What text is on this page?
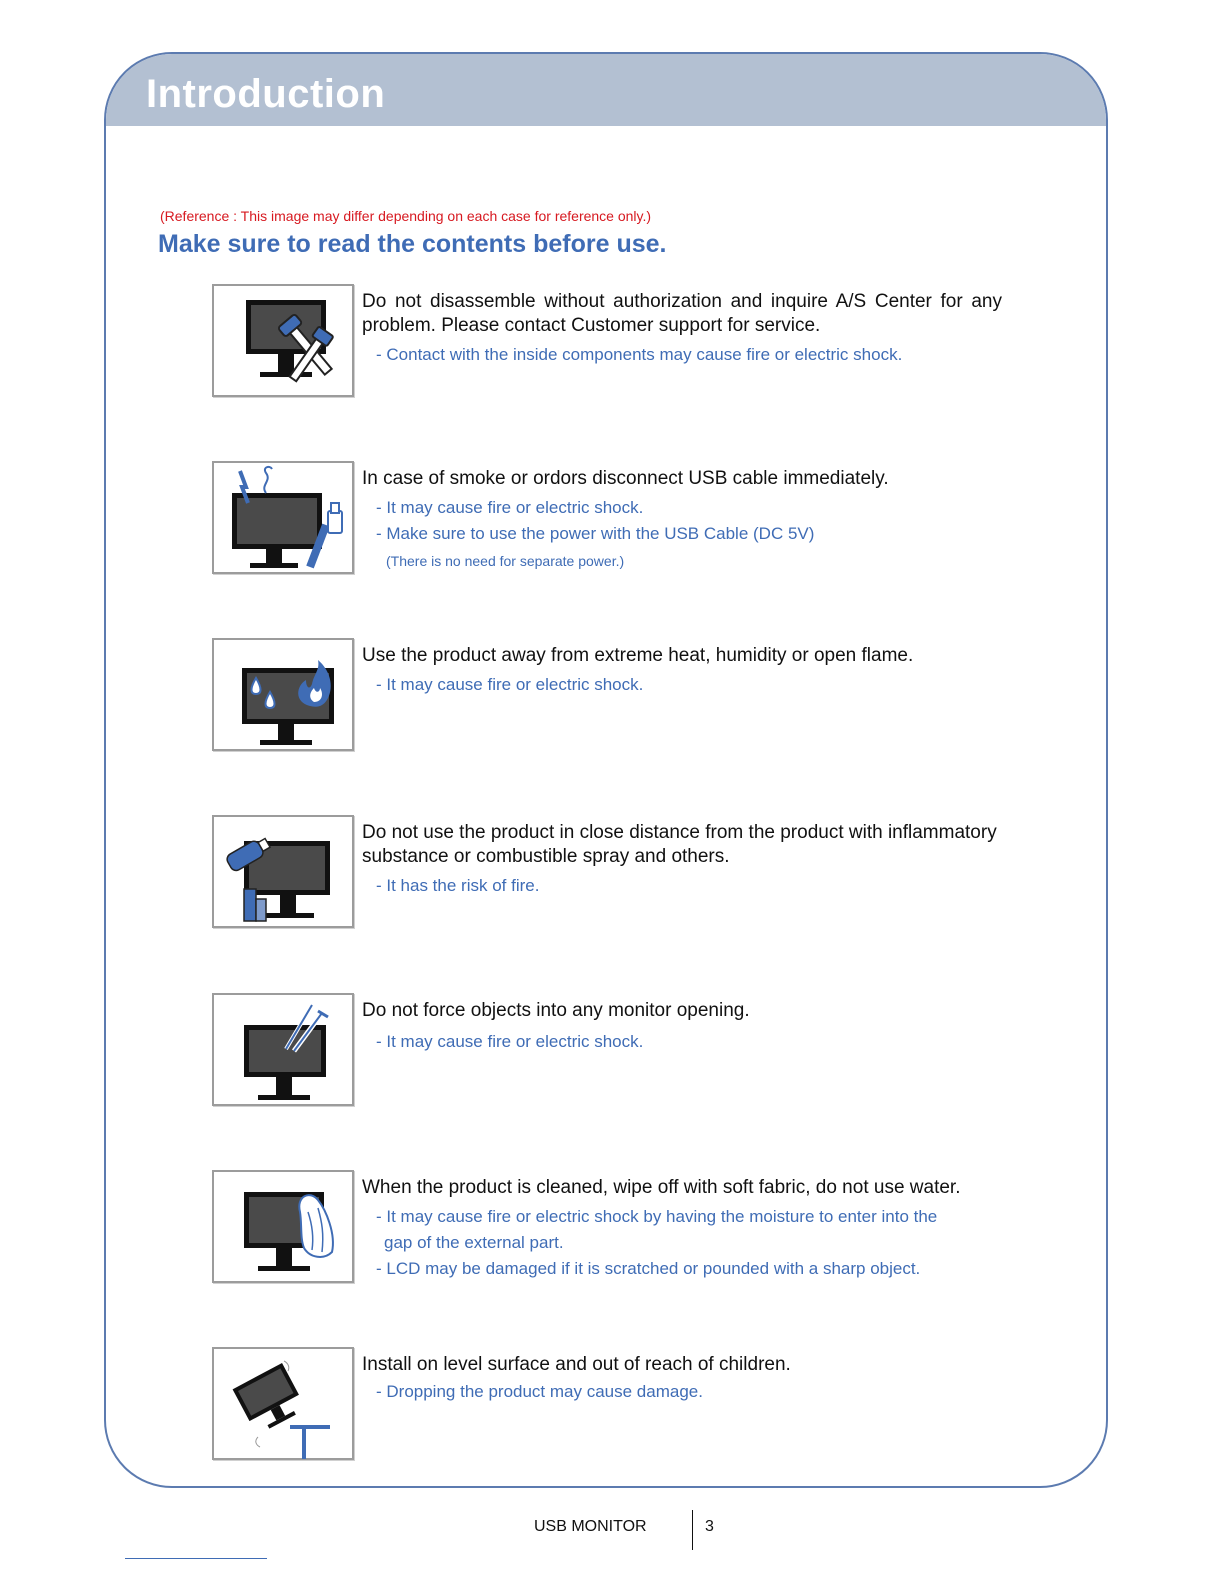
Introduction
(Reference : This image may differ depending on each case for reference only.)
Make sure to read the contents before use.
Do not disassemble without authorization and inquire A/S Center for any problem. Please contact Customer support for service.
- Contact with the inside components may cause fire or electric shock.
In case of smoke or ordors disconnect USB cable immediately.
- It may cause fire or electric shock.
- Make sure to use the power with the USB Cable (DC 5V)
(There is no need for separate power.)
Use the product away from extreme heat, humidity or open flame.
- It may cause fire or electric shock.
Do not use the product in close distance from the product with inflammatory substance or combustible spray and others.
- It has the risk of fire.
Do not force objects into any monitor opening.
- It may cause fire or electric shock.
When the product is cleaned, wipe off with soft fabric, do not use water.
- It may cause fire or electric shock by having the moisture to enter into the
gap of the external part.
- LCD may be damaged if it is scratched or pounded with a sharp object.
Install on level surface and out of reach of children.
- Dropping the product may cause damage.
USB MONITOR	3
